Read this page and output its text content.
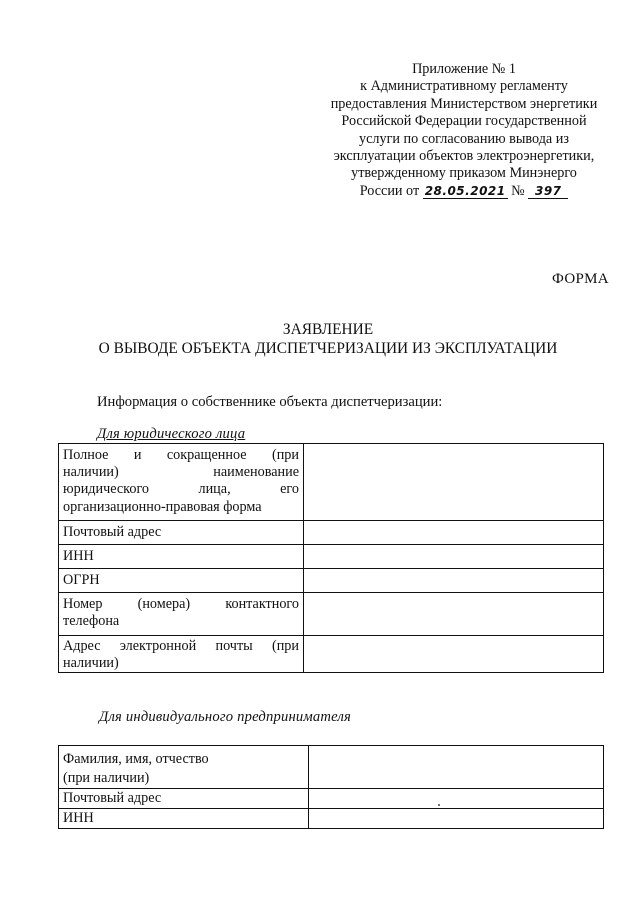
Приложение № 1
к Административному регламенту
предоставления Министерством энергетики
Российской Федерации государственной
услуги по согласованию вывода из
эксплуатации объектов электроэнергетики,
утвержденному приказом Минэнерго
России от 28.05.2021 № 397
ФОРМА
ЗАЯВЛЕНИЕ
О ВЫВОДЕ ОБЪЕКТА ДИСПЕТЧЕРИЗАЦИИ ИЗ ЭКСПЛУАТАЦИИ
Информация о собственнике объекта диспетчеризации:
Для юридического лица
Полное и сокращенное (при
наличии) наименование
юридического лица, его
организационно-правовая форма	

Почтовый адрес	

ИНН	

ОГРН	

Номер (номера) контактного
телефона	

Адрес электронной почты (при
наличии)	

Для индивидуального предпринимателя
Фамилия, имя, отчество
(при наличии)	

Почтовый адрес	

ИНН	
